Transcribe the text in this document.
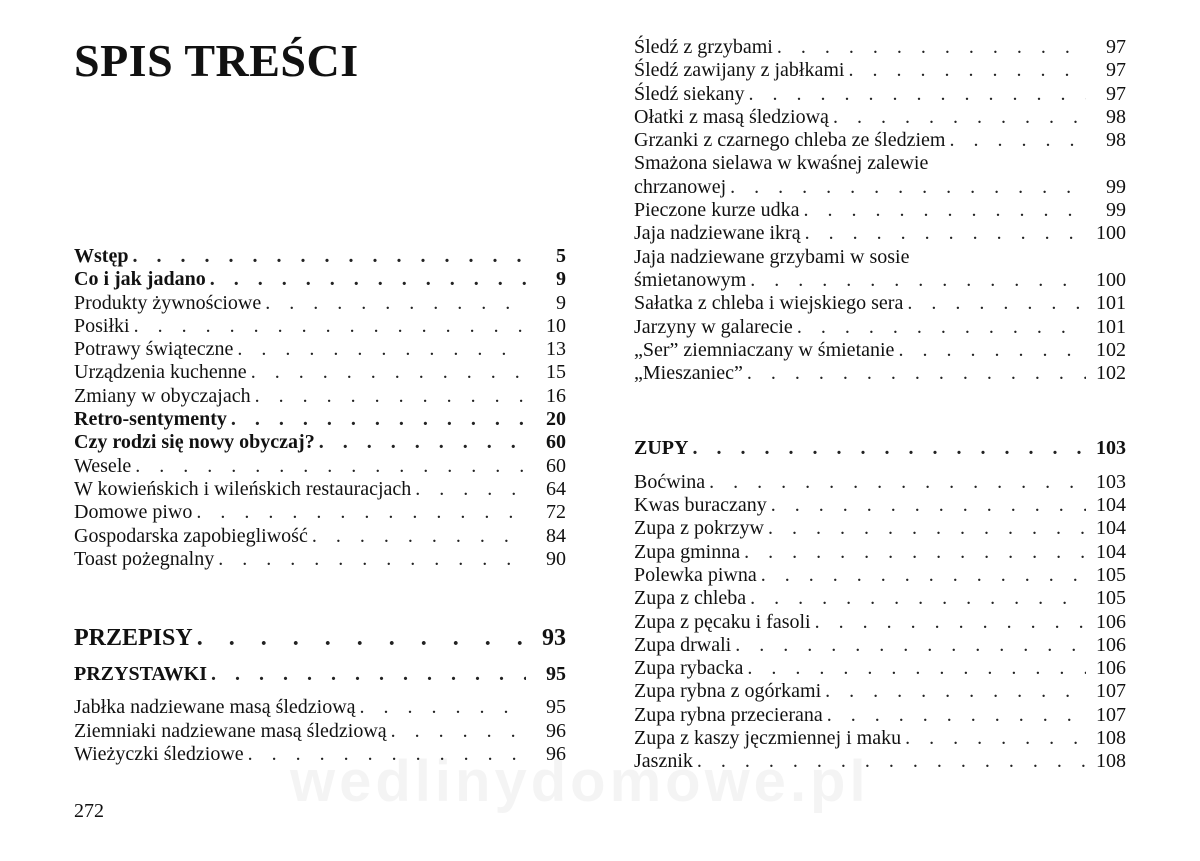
SPIS TREŚCI
Wstęp . . .	5
Co i jak jadano . . .	9
Produkty żywnościowe . . .	9
Posiłki . . .	10
Potrawy świąteczne . . .	13
Urządzenia kuchenne . . .	15
Zmiany w obyczajach . . .	16
Retro-sentymenty . . .	20
Czy rodzi się nowy obyczaj? . . .	60
Wesele . . .	60
W kowieńskich i wileńskich restauracjach . . .	64
Domowe piwo . . .	72
Gospodarska zapobiegliwość . . .	84
Toast pożegnalny . . .	90
PRZEPISY . . .	93
PRZYSTAWKI . . .	95
Jabłka nadziewane masą śledziową . . .	95
Ziemniaki nadziewane masą śledziową . . .	96
Wieżyczki śledziowe . . .	96
Śledź z grzybami . . .	97
Śledź zawijany z jabłkami . . .	97
Śledź siekany . . .	97
Ołatki z masą śledziową . . .	98
Grzanki z czarnego chleba ze śledziem . . .	98
Smażona sielawa w kwaśnej zalewie
chrzanowej . . .	99
Pieczone kurze udka . . .	99
Jaja nadziewane ikrą . . .	100
Jaja nadziewane grzybami w sosie
śmietanowym . . .	100
Sałatka z chleba i wiejskiego sera . . .	101
Jarzyny w galarecie . . .	101
„Ser” ziemniaczany w śmietanie . . .	102
„Mieszaniec” . . .	102
ZUPY . . .	103
Boćwina . . .	103
Kwas buraczany . . .	104
Zupa z pokrzyw . . .	104
Zupa gminna . . .	104
Polewka piwna . . .	105
Zupa z chleba . . .	105
Zupa z pęcaku i fasoli . . .	106
Zupa drwali . . .	106
Zupa rybacka . . .	106
Zupa rybna z ogórkami . . .	107
Zupa rybna przecierana . . .	107
Zupa z kaszy jęczmiennej i maku . . .	108
Jasznik . . .	108
272
